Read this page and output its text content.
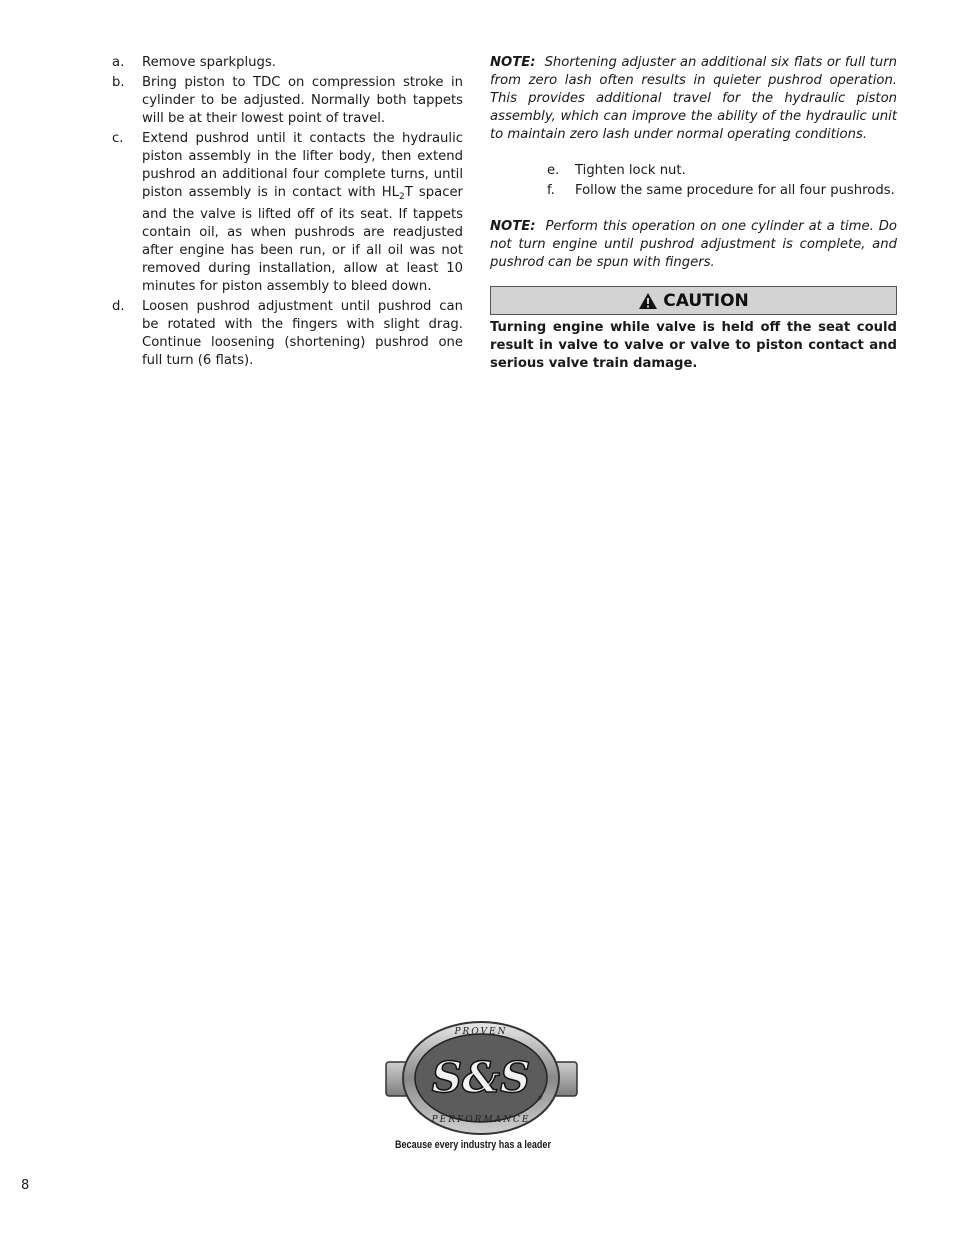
a.	Remove sparkplugs.
b.	Bring piston to TDC on compression stroke in cylinder to be adjusted. Normally both tappets will be at their lowest point of travel.
c.	Extend pushrod until it contacts the hydraulic piston assembly in the lifter body, then extend pushrod an additional four complete turns, until piston assembly is in contact with $HL_2T$ spacer and the valve is lifted off of its seat. If tappets contain oil, as when pushrods are readjusted after engine has been run, or if all oil was not removed during installation, allow at least 10 minutes for piston assembly to bleed down.
d.	Loosen pushrod adjustment until pushrod can be rotated with the fingers with slight drag. Continue loosening (shortening) pushrod one full turn (6 flats).
NOTE: Shortening adjuster an additional six flats or full turn from zero lash often results in quieter pushrod operation. This provides additional travel for the hydraulic piston assembly, which can improve the ability of the hydraulic unit to maintain zero lash under normal operating conditions.
e.	Tighten lock nut.
f.	Follow the same procedure for all four pushrods.
NOTE: Perform this operation on one cylinder at a time. Do not turn engine until pushrod adjustment is complete, and pushrod can be spun with fingers.
CAUTION
Turning engine while valve is held off the seat could result in valve to valve or valve to piston contact and serious valve train damage.
PROVEN
S&S
PERFORMANCE
®
Because every industry has a leader
8
